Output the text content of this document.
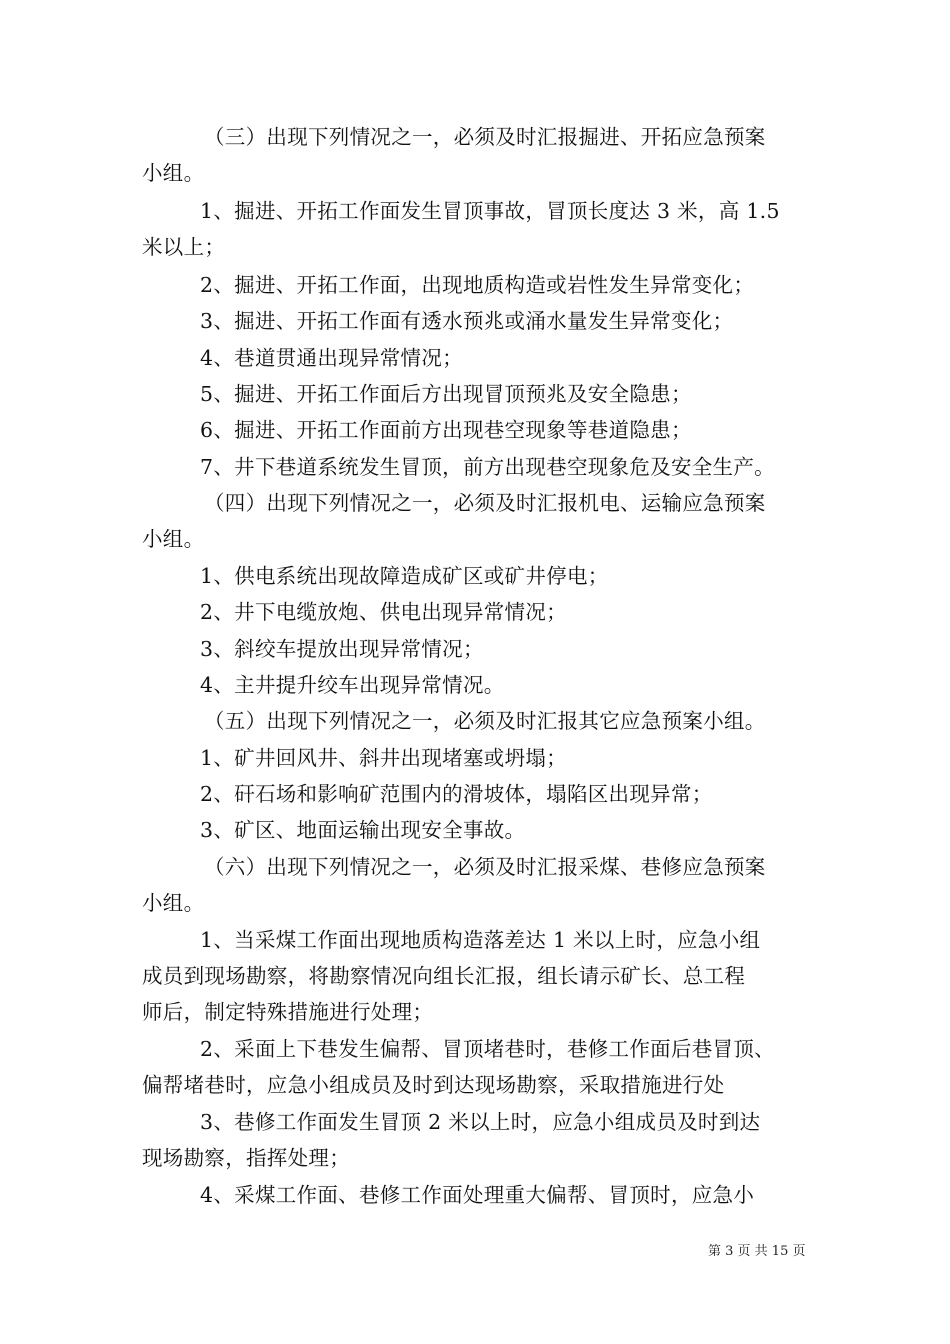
（三）出现下列情况之一，必须及时汇报掘进、开拓应急预案
小组。
1、掘进、开拓工作面发生冒顶事故，冒顶长度达 3 米，高 1.5
米以上；
2、掘进、开拓工作面，出现地质构造或岩性发生异常变化；
3、掘进、开拓工作面有透水预兆或涌水量发生异常变化；
4、巷道贯通出现异常情况；
5、掘进、开拓工作面后方出现冒顶预兆及安全隐患；
6、掘进、开拓工作面前方出现巷空现象等巷道隐患；
7、井下巷道系统发生冒顶，前方出现巷空现象危及安全生产。
（四）出现下列情况之一，必须及时汇报机电、运输应急预案
小组。
1、供电系统出现故障造成矿区或矿井停电；
2、井下电缆放炮、供电出现异常情况；
3、斜绞车提放出现异常情况；
4、主井提升绞车出现异常情况。
（五）出现下列情况之一，必须及时汇报其它应急预案小组。
1、矿井回风井、斜井出现堵塞或坍塌；
2、矸石场和影响矿范围内的滑坡体，塌陷区出现异常；
3、矿区、地面运输出现安全事故。
（六）出现下列情况之一，必须及时汇报采煤、巷修应急预案
小组。
1、当采煤工作面出现地质构造落差达 1 米以上时，应急小组
成员到现场勘察，将勘察情况向组长汇报，组长请示矿长、总工程
师后，制定特殊措施进行处理；
2、采面上下巷发生偏帮、冒顶堵巷时，巷修工作面后巷冒顶、
偏帮堵巷时，应急小组成员及时到达现场勘察，采取措施进行处
3、巷修工作面发生冒顶 2 米以上时，应急小组成员及时到达
现场勘察，指挥处理；
4、采煤工作面、巷修工作面处理重大偏帮、冒顶时，应急小
第 3 页 共 15 页
